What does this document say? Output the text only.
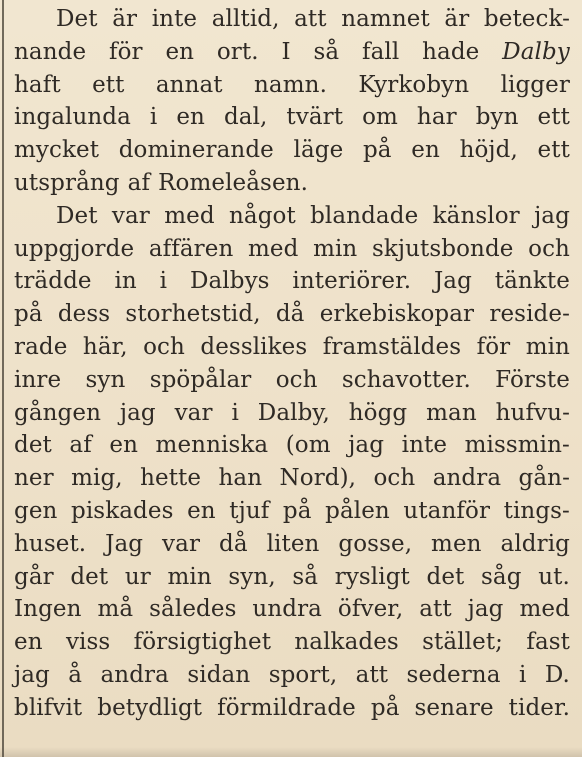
Det är inte alltid, att namnet är beteck-
nande för en ort. I så fall hade Dalby
haft ett annat namn. Kyrkobyn ligger
ingalunda i en dal, tvärt om har byn ett
mycket dominerande läge på en höjd, ett
utsprång af Romeleåsen.
Det var med något blandade känslor jag
uppgjorde affären med min skjutsbonde och
trädde in i Dalbys interiörer. Jag tänkte
på dess storhetstid, då erkebiskopar reside-
rade här, och desslikes framstäldes för min
inre syn spöpålar och schavotter. Förste
gången jag var i Dalby, högg man hufvu-
det af en menniska (om jag inte missmin-
ner mig, hette han Nord), och andra gån-
gen piskades en tjuf på pålen utanför tings-
huset. Jag var då liten gosse, men aldrig
går det ur min syn, så rysligt det såg ut.
Ingen må således undra öfver, att jag med
en viss försigtighet nalkades stället; fast
jag å andra sidan sport, att sederna i D.
blifvit betydligt förmildrade på senare tider.
